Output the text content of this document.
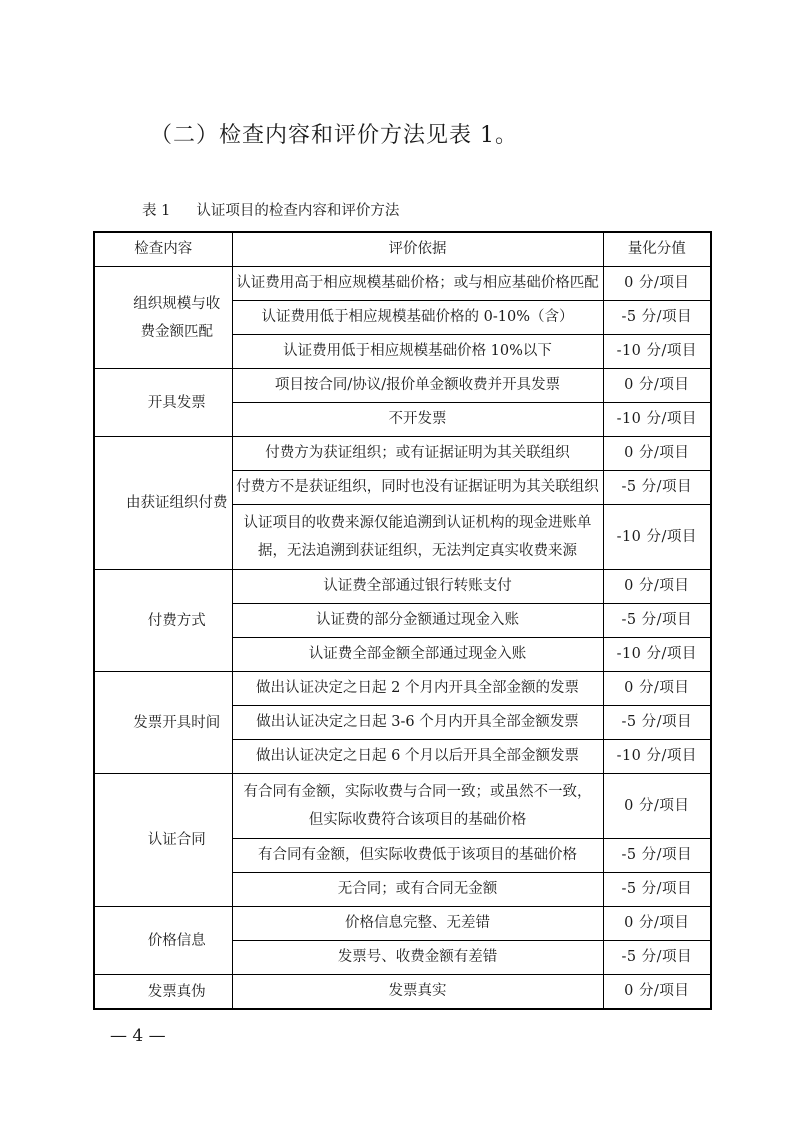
（二）检查内容和评价方法见表 1。
表 1 认证项目的检查内容和评价方法
检查内容		评价依据	量化分值
	组织规模与收费金额匹配	认证费用高于相应规模基础价格；或与相应基础价格匹配	0 分/项目
		认证费用低于相应规模基础价格的 0-10%（含）	-5 分/项目
		认证费用低于相应规模基础价格 10%以下	-10 分/项目
	开具发票	项目按合同/协议/报价单金额收费并开具发票	0 分/项目
		不开发票	-10 分/项目
	由获证组织付费	付费方为获证组织；或有证据证明为其关联组织	0 分/项目
		付费方不是获证组织，同时也没有证据证明为其关联组织	-5 分/项目
		认证项目的收费来源仅能追溯到认证机构的现金进账单据，无法追溯到获证组织，无法判定真实收费来源	-10 分/项目
	付费方式	认证费全部通过银行转账支付	0 分/项目
		认证费的部分金额通过现金入账	-5 分/项目
		认证费全部金额全部通过现金入账	-10 分/项目
	发票开具时间	做出认证决定之日起 2 个月内开具全部金额的发票	0 分/项目
		做出认证决定之日起 3-6 个月内开具全部金额发票	-5 分/项目
		做出认证决定之日起 6 个月以后开具全部金额发票	-10 分/项目
	认证合同	有合同有金额，实际收费与合同一致；或虽然不一致，但实际收费符合该项目的基础价格	0 分/项目
		有合同有金额，但实际收费低于该项目的基础价格	-5 分/项目
		无合同；或有合同无金额	-5 分/项目
	价格信息	价格信息完整、无差错	0 分/项目
		发票号、收费金额有差错	-5 分/项目
	发票真伪	发票真实	0 分/项目
— 4 —
